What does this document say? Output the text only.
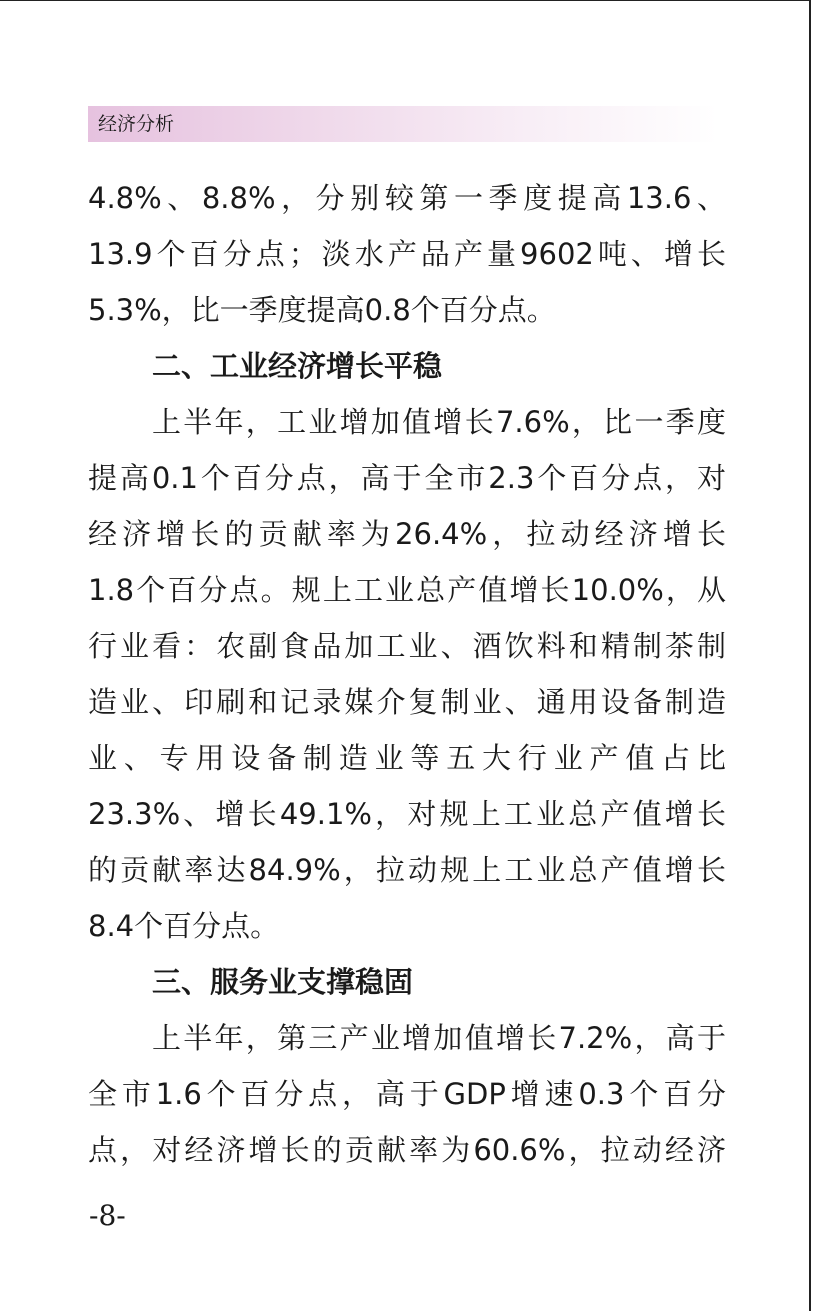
经济分析
4.8%、8.8%，分别较第一季度提高13.6、
13.9个百分点；淡水产品产量9602吨、增长
5.3%，比一季度提高0.8个百分点。
二、工业经济增长平稳
上半年，工业增加值增长7.6%，比一季度
提高0.1个百分点，高于全市2.3个百分点，对
经济增长的贡献率为26.4%，拉动经济增长
1.8个百分点。规上工业总产值增长10.0%，从
行业看：农副食品加工业、酒饮料和精制茶制
造业、印刷和记录媒介复制业、通用设备制造
业、专用设备制造业等五大行业产值占比
23.3%、增长49.1%，对规上工业总产值增长
的贡献率达84.9%，拉动规上工业总产值增长
8.4个百分点。
三、服务业支撑稳固
上半年，第三产业增加值增长7.2%，高于
全市1.6个百分点，高于GDP增速0.3个百分
点，对经济增长的贡献率为60.6%，拉动经济
-8-
